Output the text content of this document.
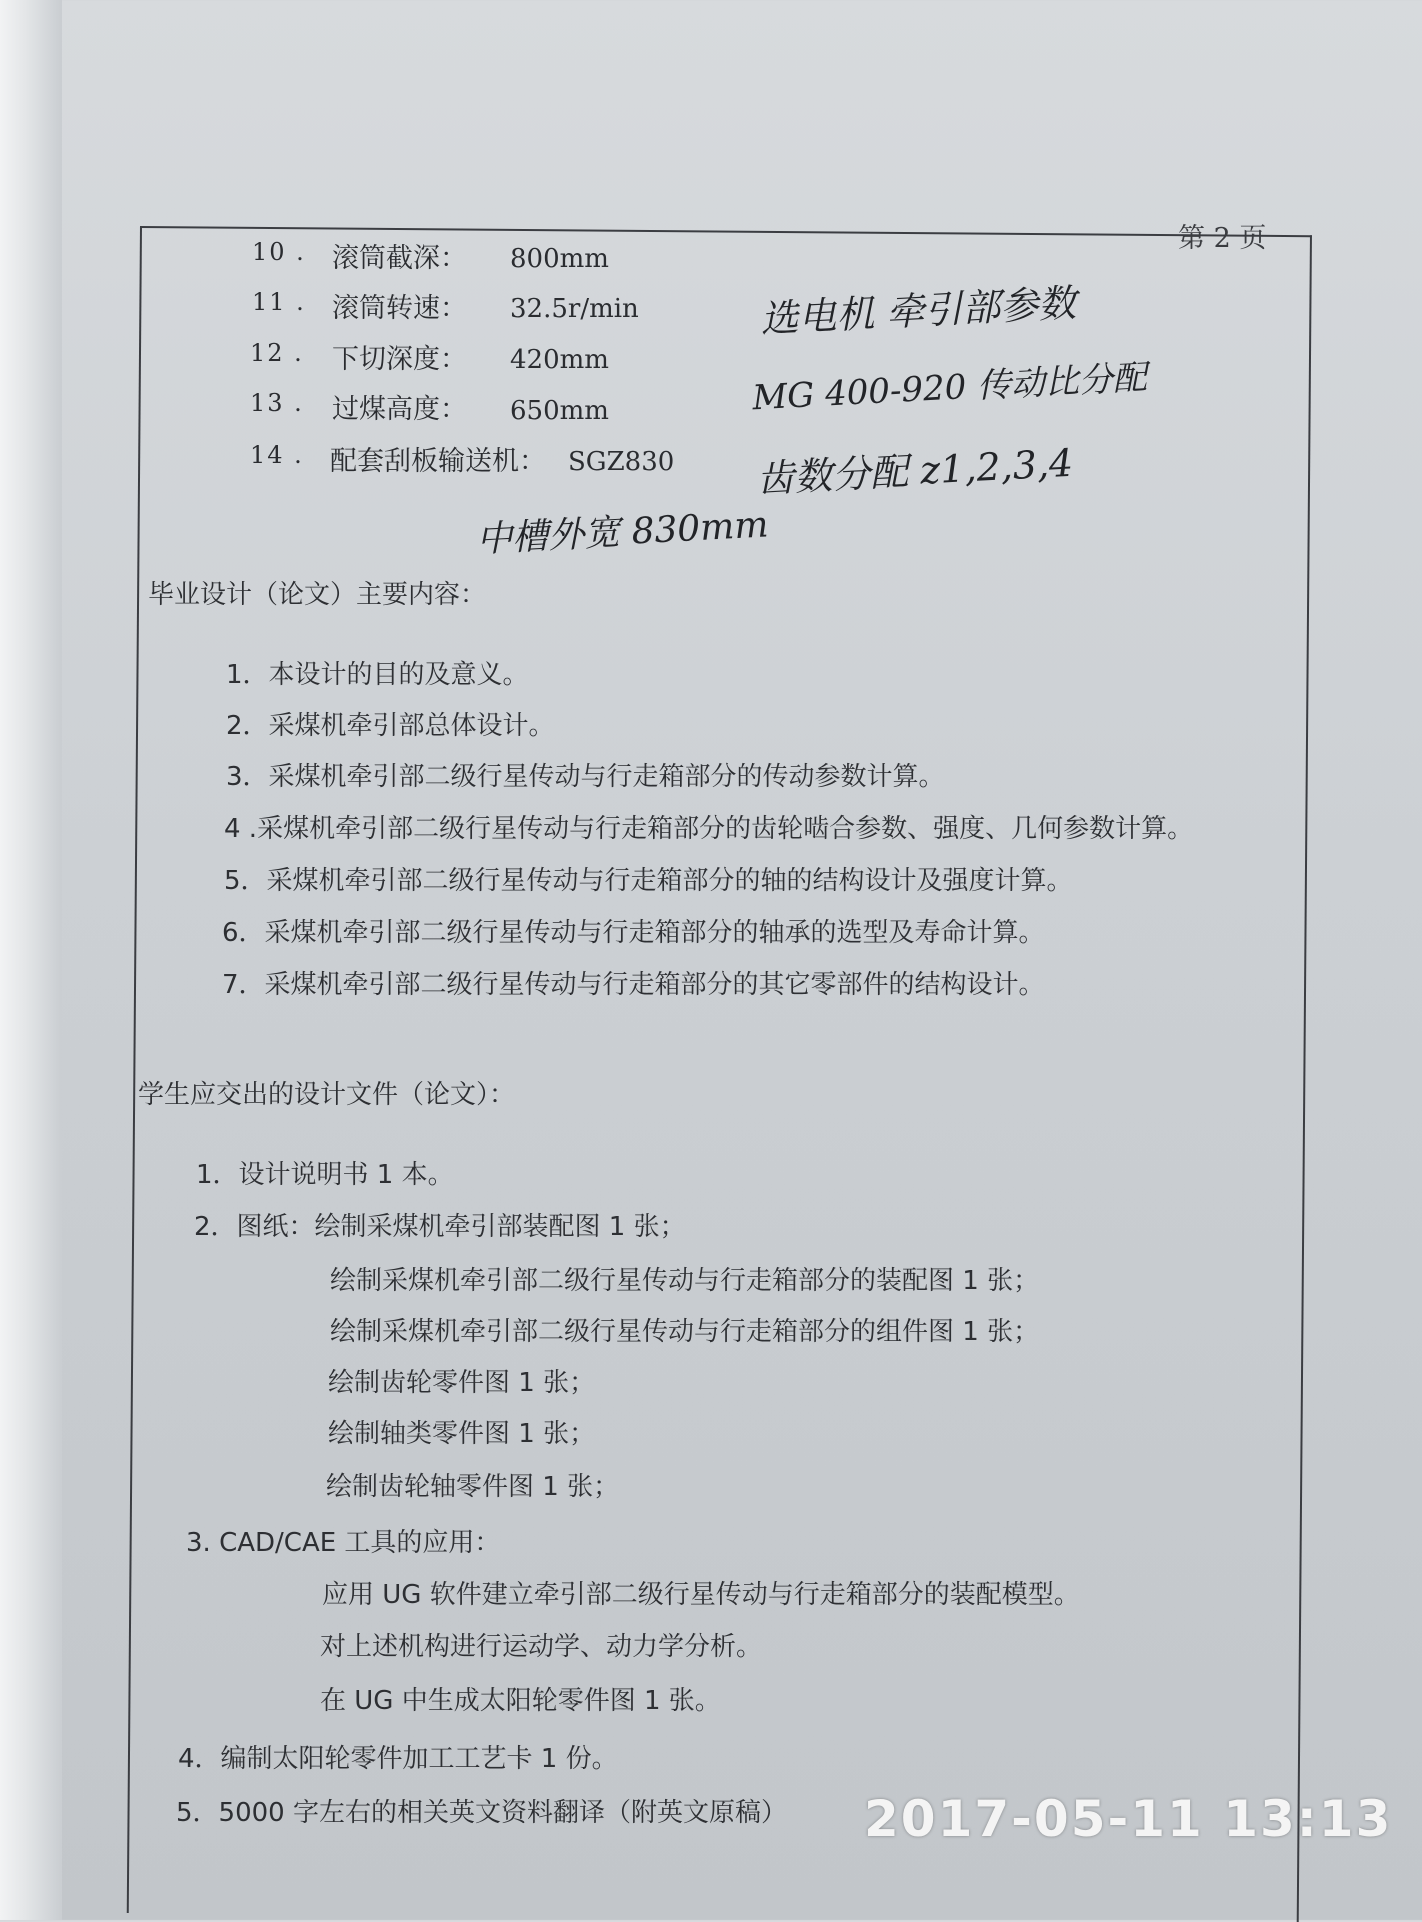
第 2 页
10 . 滚筒截深： 800mm
11 . 滚筒转速： 32.5r/min
12 . 下切深度： 420mm
13 . 过煤高度： 650mm
14 . 配套刮板输送机： SGZ830
选电机 牵引部参数
MG 400-920 传动比分配
齿数分配 z1,2,3,4
中槽外宽 830mm
毕业设计（论文）主要内容：
1．本设计的目的及意义。
2．采煤机牵引部总体设计。
3．采煤机牵引部二级行星传动与行走箱部分的传动参数计算。
4 .采煤机牵引部二级行星传动与行走箱部分的齿轮啮合参数、强度、几何参数计算。
5．采煤机牵引部二级行星传动与行走箱部分的轴的结构设计及强度计算。
6．采煤机牵引部二级行星传动与行走箱部分的轴承的选型及寿命计算。
7．采煤机牵引部二级行星传动与行走箱部分的其它零部件的结构设计。
学生应交出的设计文件（论文）：
1．设计说明书 1 本。
2．图纸：绘制采煤机牵引部装配图 1 张；
绘制采煤机牵引部二级行星传动与行走箱部分的装配图 1 张；
绘制采煤机牵引部二级行星传动与行走箱部分的组件图 1 张；
绘制齿轮零件图 1 张；
绘制轴类零件图 1 张；
绘制齿轮轴零件图 1 张；
3. CAD/CAE 工具的应用：
应用 UG 软件建立牵引部二级行星传动与行走箱部分的装配模型。
对上述机构进行运动学、动力学分析。
在 UG 中生成太阳轮零件图 1 张。
4．编制太阳轮零件加工工艺卡 1 份。
5．5000 字左右的相关英文资料翻译（附英文原稿） 2017-05-11 13:13
